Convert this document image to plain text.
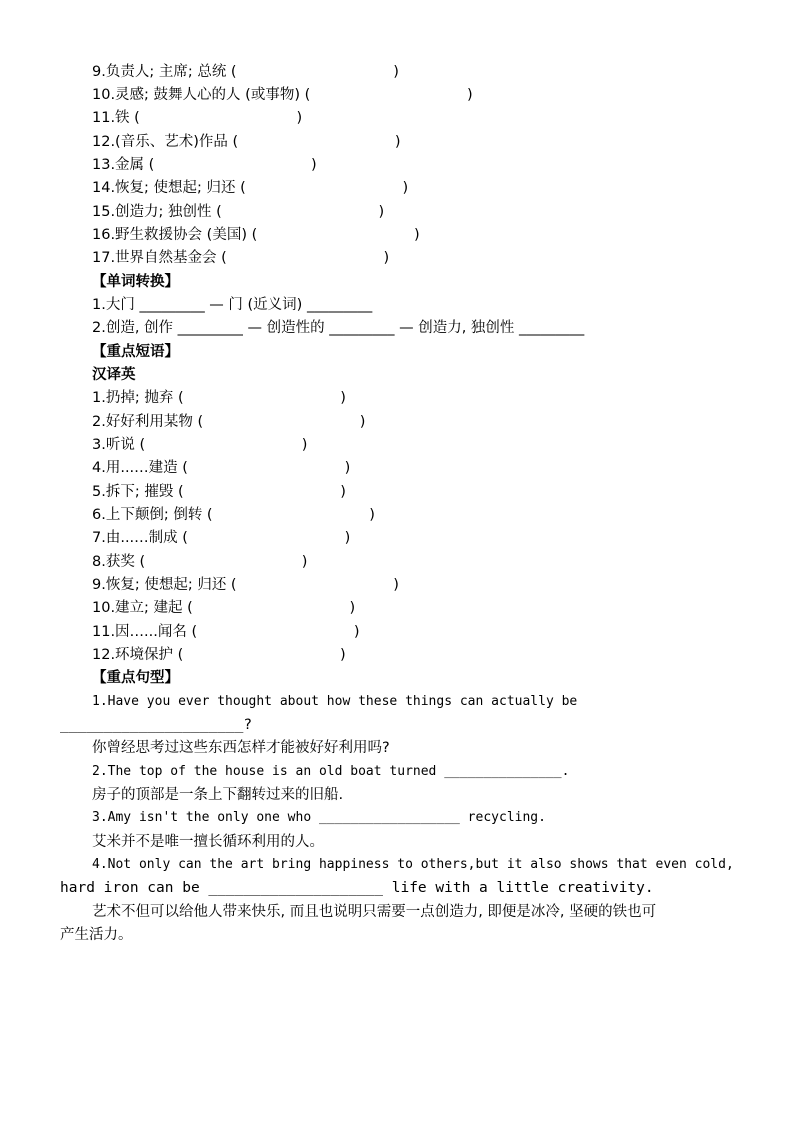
9.负责人; 主席; 总统 (                                  )
10.灵感; 鼓舞人心的人 (或事物) (                                  )
11.铁 (                                  )
12.(音乐、艺术)作品 (                                  )
13.金属 (                                  )
14.恢复; 使想起; 归还 (                                  )
15.创造力; 独创性 (                                  )
16.野生救援协会 (美国) (                                  )
17.世界自然基金会 (                                  )
【单词转换】
1.大门 _________ — 门 (近义词) _________
2.创造, 创作 _________ — 创造性的 _________ — 创造力, 独创性 _________
【重点短语】
汉译英
1.扔掉; 抛弃 (                                  )
2.好好利用某物 (                                  )
3.听说 (                                  )
4.用...…建造 (                                  )
5.拆下; 摧毁 (                                  )
6.上下颠倒; 倒转 (                                  )
7.由...…制成 (                                  )
8.获奖 (                                  )
9.恢复; 使想起; 归还 (                                  )
10.建立; 建起 (                                  )
11.因…...闻名 (                                  )
12.环境保护 (                                  )
【重点句型】
1.Have you ever thought about how these things can actually be
_____________________?
你曾经思考过这些东西怎样才能被好好利用吗?
2.The top of the house is an old boat turned _______________.
房子的顶部是一条上下翻转过来的旧船.
3.Amy isn't the only one who __________________ recycling.
艾米并不是唯一擅长循环利用的人。
4.Not only can the art bring happiness to others,but it also shows that even cold,
hard iron can be ____________________ life with a little creativity.
艺术不但可以给他人带来快乐, 而且也说明只需要一点创造力, 即便是冰冷, 坚硬的铁也可
产生活力。
